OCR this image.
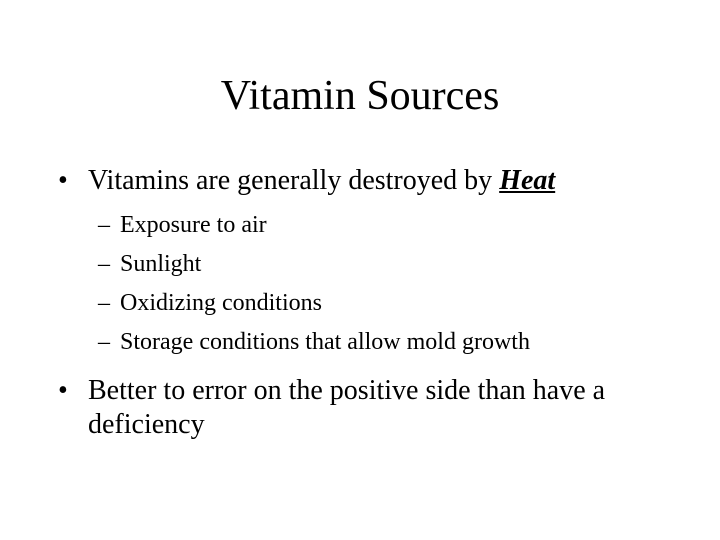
Vitamin Sources
• Vitamins are generally destroyed by Heat
– Exposure to air
– Sunlight
– Oxidizing conditions
– Storage conditions that allow mold growth
• Better to error on the positive side than have a deficiency
